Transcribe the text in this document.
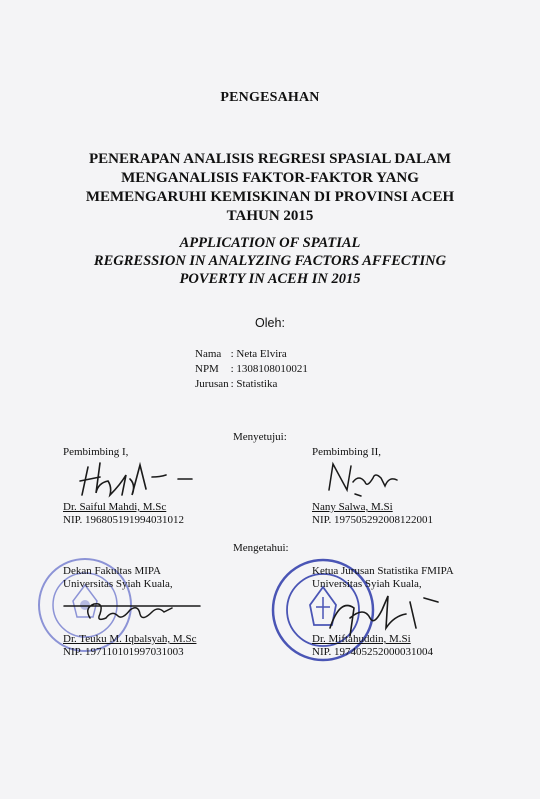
PENGESAHAN
PENERAPAN ANALISIS REGRESI SPASIAL DALAM
MENGANALISIS FAKTOR-FAKTOR YANG
MEMENGARUHI KEMISKINAN DI PROVINSI ACEH
TAHUN 2015
APPLICATION OF SPATIAL
REGRESSION IN ANALYZING FACTORS AFFECTING
POVERTY IN ACEH IN 2015
Oleh:
Nama	: Neta Elvira
NPM	: 1308108010021
Jurusan	: Statistika
Menyetujui:
Pembimbing I,
Dr. Saiful Mahdi, M.Sc
NIP. 196805191994031012
Pembimbing II,
Nany Salwa, M.Si
NIP. 197505292008122001
Mengetahui:
Dekan Fakultas MIPA
Universitas Syiah Kuala,
Dr. Teuku M. Iqbalsyah, M.Sc
NIP. 197110101997031003
Ketua Jurusan Statistika FMIPA
Universitas Syiah Kuala,
Dr. Miftahuddin, M.Si
NIP. 197405252000031004
